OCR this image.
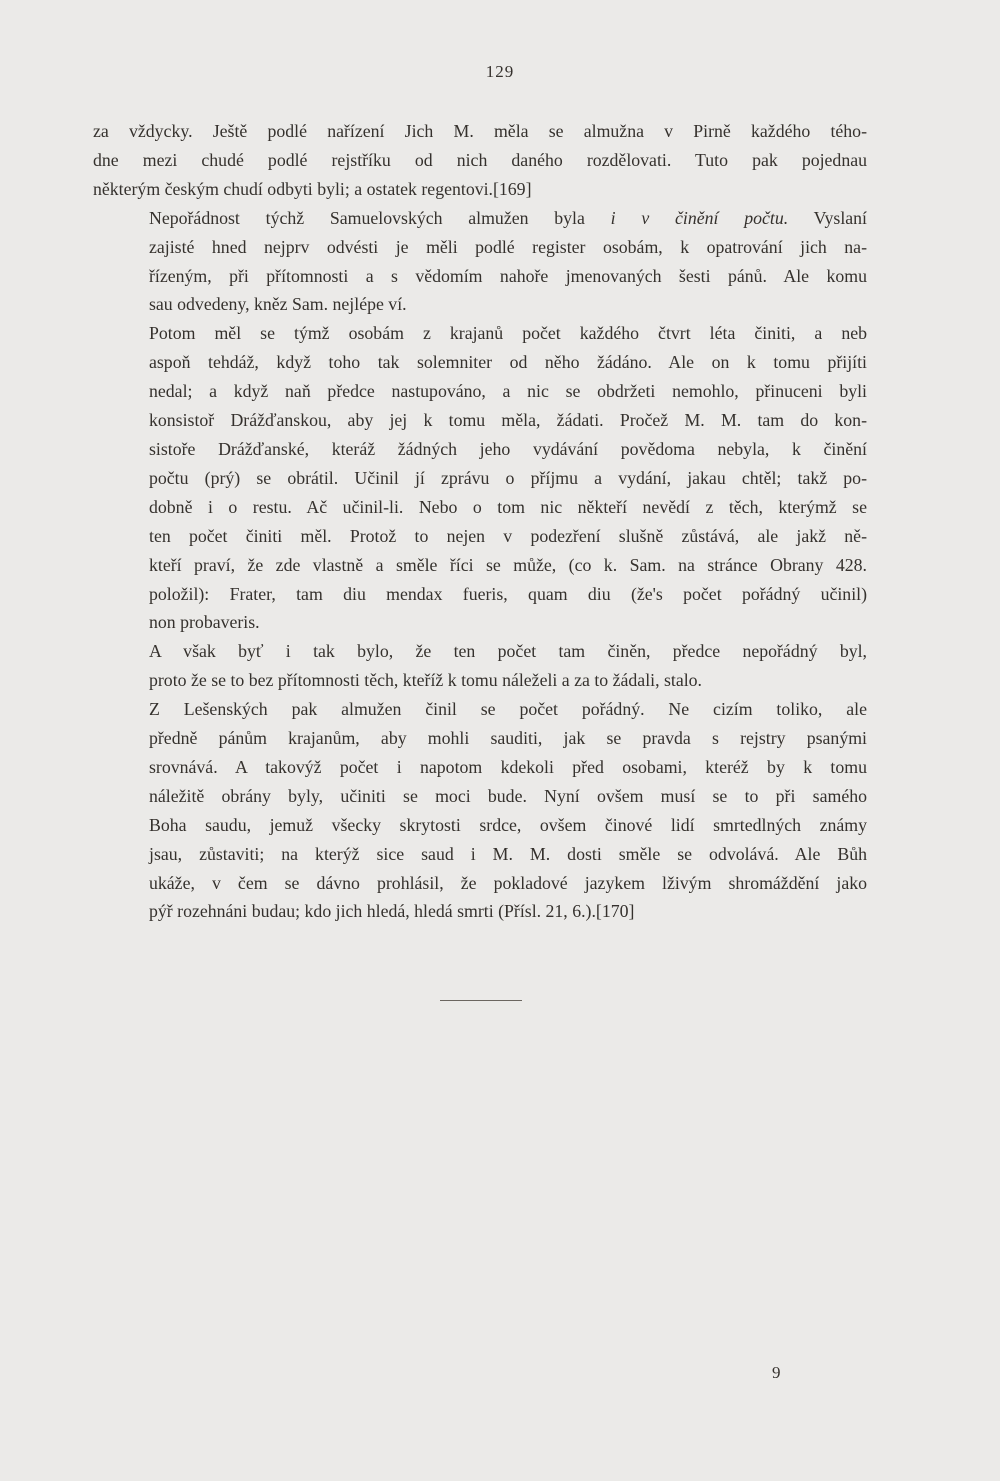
129

za vždycky. Ještě podlé nařízení Jich M. měla se almužna v Pirně každého tého-
dne mezi chudé podlé rejstříku od nich daného rozdělovati. Tuto pak pojednau
některým českým chudí odbyti byli; a ostatek regentovi.[169]

Nepořádnost týchž Samuelovských almužen byla i v činění počtu. Vyslaní
zajisté hned nejprv odvésti je měli podlé register osobám, k opatrování jich na-
řízeným, při přítomnosti a s vědomím nahoře jmenovaných šesti pánů. Ale komu
sau odvedeny, kněz Sam. nejlépe ví.

Potom měl se týmž osobám z krajanů počet každého čtvrt léta činiti, a neb
aspoň tehdáž, když toho tak solemniter od něho žádáno. Ale on k tomu přijíti
nedal; a když naň předce nastupováno, a nic se obdržeti nemohlo, přinuceni byli
konsistoř Drážďanskou, aby jej k tomu měla, žádati. Pročež M. M. tam do kon-
sistoře Drážďanské, kteráž žádných jeho vydávání povědoma nebyla, k činění
počtu (prý) se obrátil. Učinil jí zprávu o příjmu a vydání, jakau chtěl; takž po-
dobně i o restu. Ač učinil-li. Nebo o tom nic někteří nevědí z těch, kterýmž se
ten počet činiti měl. Protož to nejen v podezření slušně zůstává, ale jakž ně-
kteří praví, že zde vlastně a směle říci se může, (co k. Sam. na stránce Obrany 428.
položil): Frater, tam diu mendax fueris, quam diu (že's počet pořádný učinil)
non probaveris.

A však byť i tak bylo, že ten počet tam činěn, předce nepořádný byl,
proto že se to bez přítomnosti těch, kteříž k tomu náleželi a za to žádali, stalo.

Z Lešenských pak almužen činil se počet pořádný. Ne cizím toliko, ale
předně pánům krajanům, aby mohli sauditi, jak se pravda s rejstry psanými
srovnává. A takovýž počet i napotom kdekoli před osobami, kteréž by k tomu
náležitě obrány byly, učiniti se moci bude. Nyní ovšem musí se to při samého
Boha saudu, jemuž všecky skrytosti srdce, ovšem činové lidí smrtedlných známy
jsau, zůstaviti; na kterýž sice saud i M. M. dosti směle se odvolává. Ale Bůh
ukáže, v čem se dávno prohlásil, že pokladové jazykem lživým shromáždění jako
pýř rozehnáni budau; kdo jich hledá, hledá smrti (Přísl. 21, 6.).[170]

9
